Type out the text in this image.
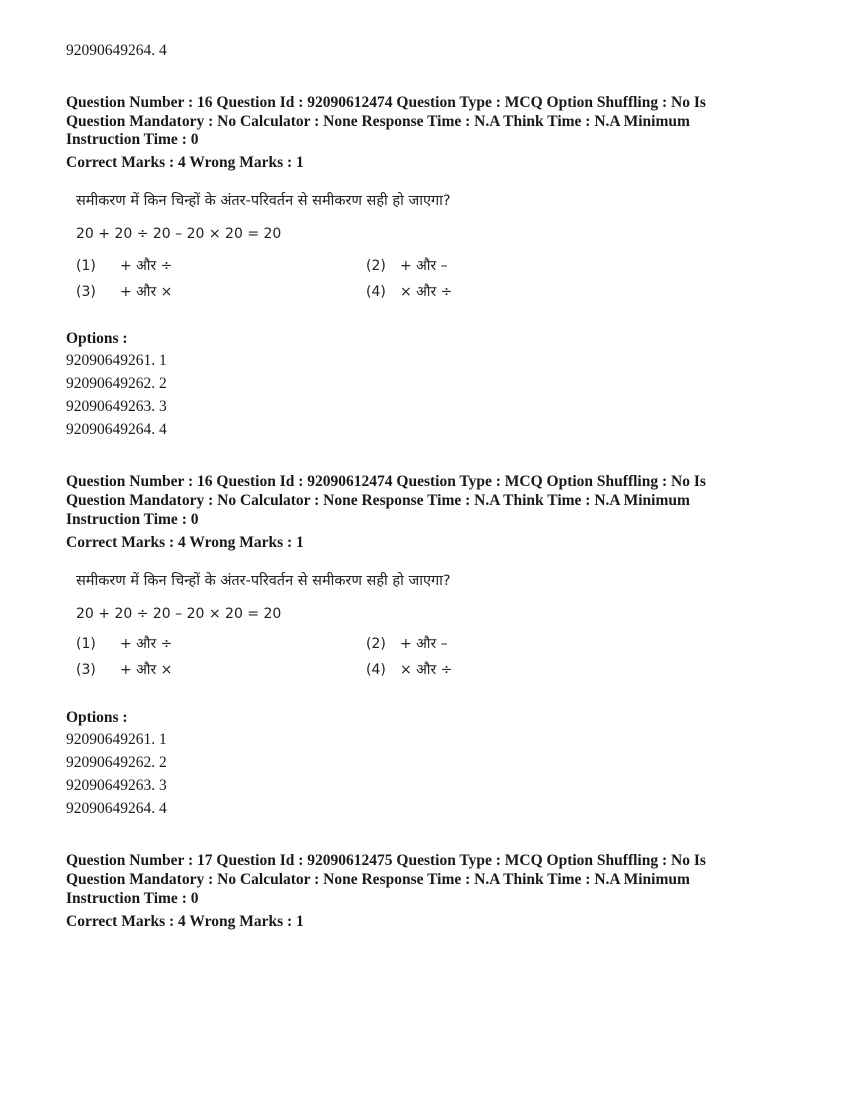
92090649264. 4
Question Number : 16 Question Id : 92090612474 Question Type : MCQ Option Shuffling : No Is
Question Mandatory : No Calculator : None Response Time : N.A Think Time : N.A Minimum
Instruction Time : 0
Correct Marks : 4 Wrong Marks : 1
समीकरण में किन चिन्हों के अंतर-परिवर्तन से समीकरण सही हो जाएगा?
20 + 20 ÷ 20 – 20 × 20 = 20
(1) + और ÷	(2) + और –
(3) + और ×	(4) × और ÷
Options :
92090649261. 1
92090649262. 2
92090649263. 3
92090649264. 4
Question Number : 16 Question Id : 92090612474 Question Type : MCQ Option Shuffling : No Is
Question Mandatory : No Calculator : None Response Time : N.A Think Time : N.A Minimum
Instruction Time : 0
Correct Marks : 4 Wrong Marks : 1
समीकरण में किन चिन्हों के अंतर-परिवर्तन से समीकरण सही हो जाएगा?
20 + 20 ÷ 20 – 20 × 20 = 20
(1) + और ÷	(2) + और –
(3) + और ×	(4) × और ÷
Options :
92090649261. 1
92090649262. 2
92090649263. 3
92090649264. 4
Question Number : 17 Question Id : 92090612475 Question Type : MCQ Option Shuffling : No Is
Question Mandatory : No Calculator : None Response Time : N.A Think Time : N.A Minimum
Instruction Time : 0
Correct Marks : 4 Wrong Marks : 1
